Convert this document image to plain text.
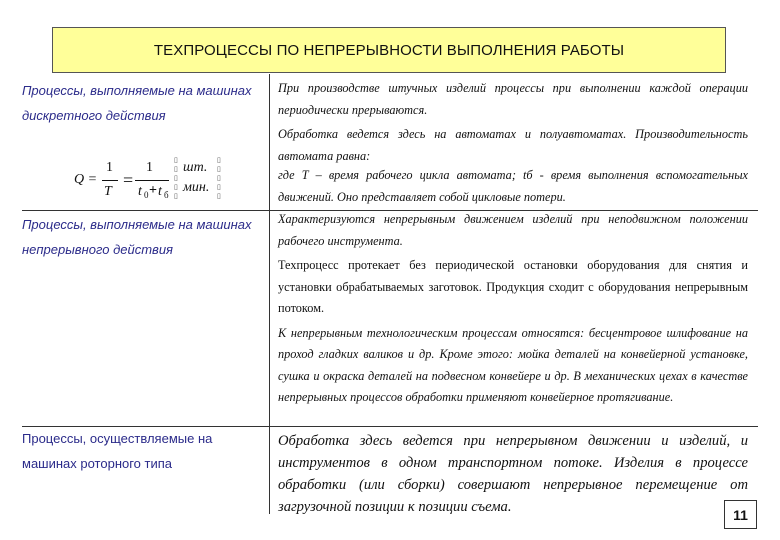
ТЕХПРОЦЕССЫ ПО НЕПРЕРЫВНОСТИ ВЫПОЛНЕНИЯ РАБОТЫ
Процессы, выполняемые на машинах дискретного действия

При производстве штучных изделий процессы при выполнении каждой операции периодически прерываются.

Обработка ведется здесь на автоматах и полуавтоматах. Производительность автомата равна:

где Т – время рабочего цикла автомата; tб - время выполнения вспомогательных движений. Оно представляет собой цикловые потери.

Q =
1
T
=
1
t 0 + t б
▯
▯
▯
▯
▯
шт.
мин.
▯
▯
▯
▯
▯
Процессы, выполняемые на машинах непрерывного действия

Характеризуются непрерывным движением изделий при неподвижном положении рабочего инструмента.

Техпроцесс протекает без периодической остановки оборудования для снятия и установки обрабатываемых заготовок. Продукция сходит с оборудования непрерывным потоком.

К непрерывным технологическим процессам относятся: бесцентровое шлифование на проход гладких валиков и др. Кроме этого: мойка деталей на конвейерной установке, сушка и окраска деталей на подвесном конвейере и др. В механических цехах в качестве непрерывных процессов обработки применяют конвейерное протягивание.

Процессы, осуществляемые на машинах роторного типа

Обработка здесь ведется при непрерывном движении и изделий, и инструментов в одном транспортном потоке. Изделия в процессе обработки (или сборки) совершают непрерывное перемещение от загрузочной позиции к позиции съема.	11
